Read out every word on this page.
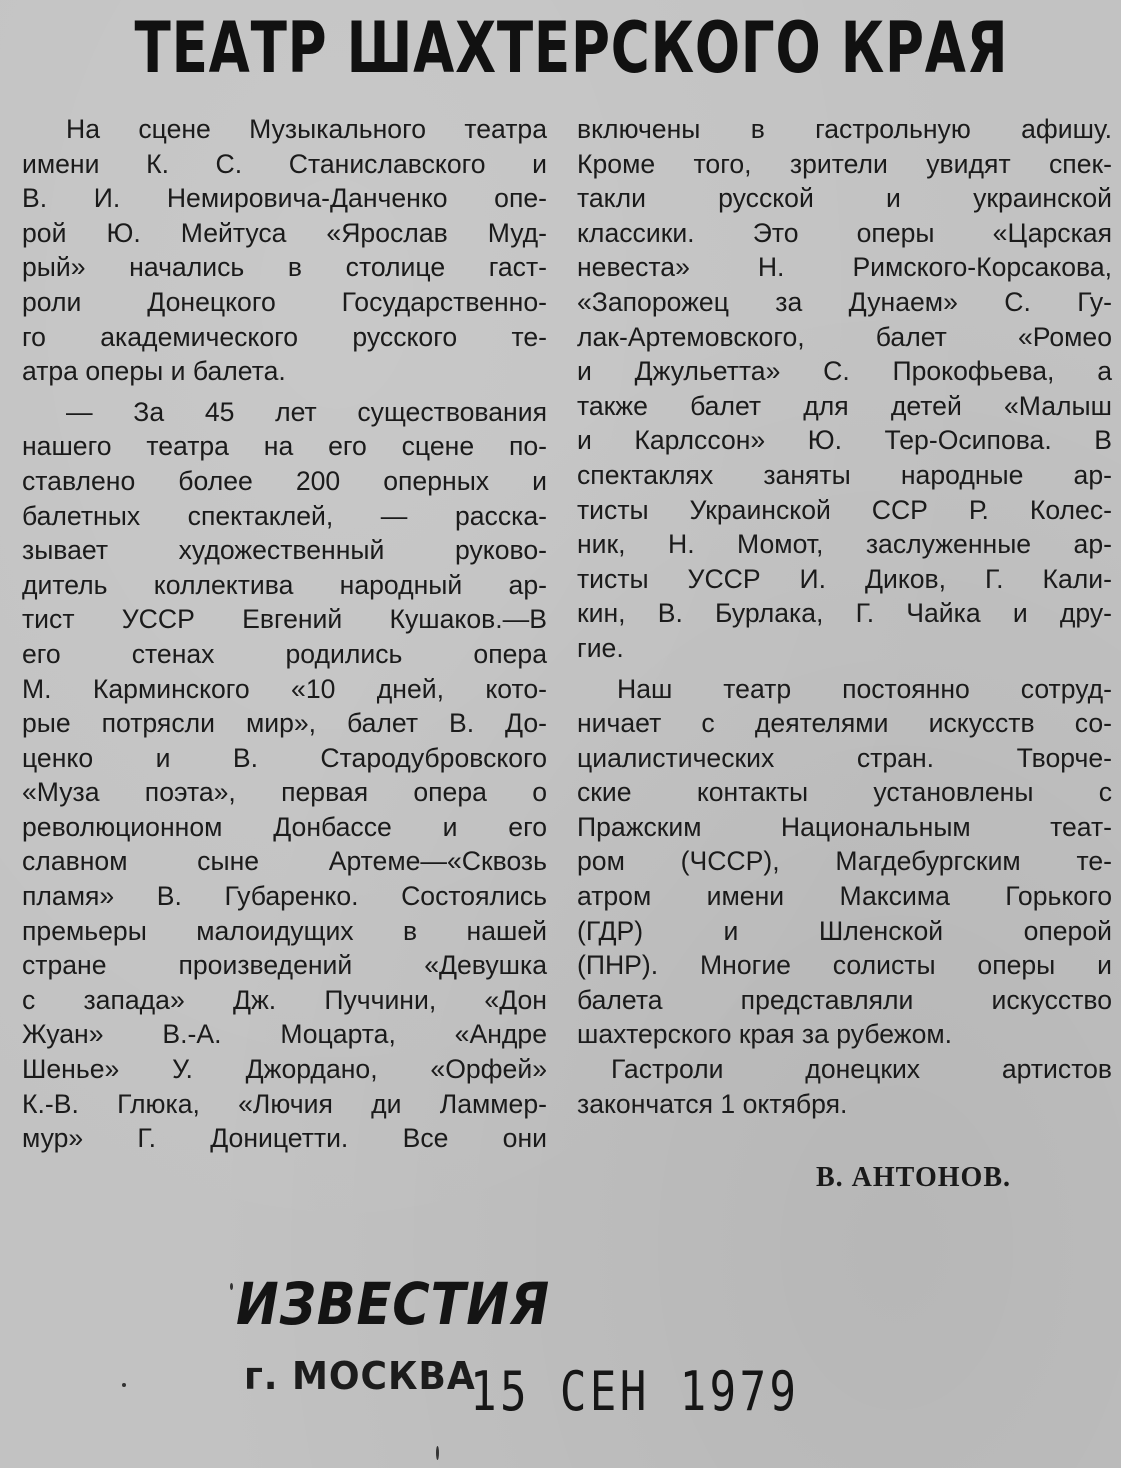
ТЕАТР ШАХТЕРСКОГО КРАЯ
На сцене Музыкального театра
имени К. С. Станиславского и
В. И. Немировича-Данченко опе-
рой Ю. Мейтуса «Ярослав Муд-
рый» начались в столице гаст-
роли Донецкого Государственно-
го академического русского те-
атра оперы и балета.
— За 45 лет существования
нашего театра на его сцене по-
ставлено более 200 оперных и
балетных спектаклей, — расска-
зывает художественный руково-
дитель коллектива народный ар-
тист УССР Евгений Кушаков.—В
его стенах родились опера
М. Карминского «10 дней, кото-
рые потрясли мир», балет В. До-
ценко и В. Стародубровского
«Муза поэта», первая опера о
революционном Донбассе и его
славном сыне Артеме—«Сквозь
пламя» В. Губаренко. Состоялись
премьеры малоидущих в нашей
стране произведений «Девушка
с запада» Дж. Пуччини, «Дон
Жуан» В.-А. Моцарта, «Андре
Шенье» У. Джордано, «Орфей»
К.-В. Глюка, «Лючия ди Ламмер-
мур» Г. Доницетти. Все они
включены в гастрольную афишу.
Кроме того, зрители увидят спек-
такли русской и украинской
классики. Это оперы «Царская
невеста» Н. Римского-Корсакова,
«Запорожец за Дунаем» С. Гу-
лак-Артемовского, балет «Ромео
и Джульетта» С. Прокофьева, а
также балет для детей «Малыш
и Карлссон» Ю. Тер-Осипова. В
спектаклях заняты народные ар-
тисты Украинской ССР Р. Колес-
ник, Н. Момот, заслуженные ар-
тисты УССР И. Диков, Г. Кали-
кин, В. Бурлака, Г. Чайка и дру-
гие.
Наш театр постоянно сотруд-
ничает с деятелями искусств со-
циалистических стран. Творче-
ские контакты установлены с
Пражским Национальным теат-
ром (ЧССР), Магдебургским те-
атром имени Максима Горького
(ГДР) и Шленской оперой
(ПНР). Многие солисты оперы и
балета представляли искусство
шахтерского края за рубежом.
Гастроли донецких артистов
закончатся 1 октября.
В. АНТОНОВ.
ИЗВЕСТИЯ
г. МОСКВА
15 СЕН 1979
